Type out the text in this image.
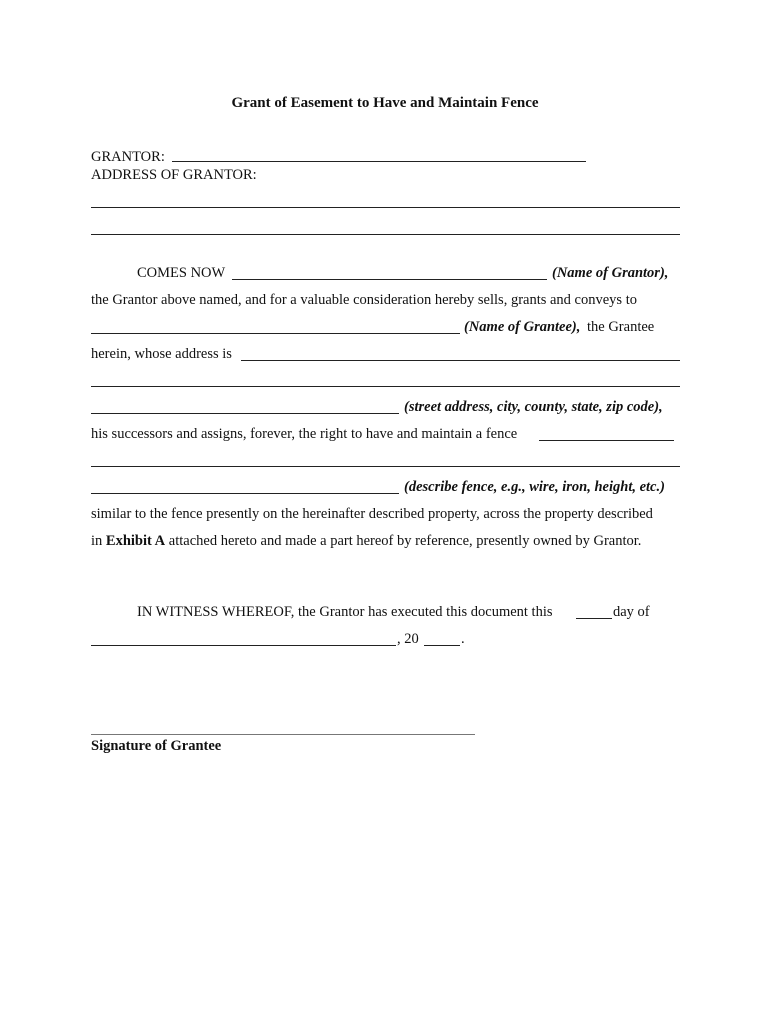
Grant of Easement to Have and Maintain Fence
GRANTOR:
ADDRESS OF GRANTOR:
COMES NOW	(Name of Grantor),
the Grantor above named, and for a valuable consideration hereby sells, grants and conveys to
(Name of Grantee), the Grantee
herein, whose address is
(street address, city, county, state, zip code),
his successors and assigns, forever, the right to have and maintain a fence
(describe fence, e.g., wire, iron, height, etc.)
similar to the fence presently on the hereinafter described property, across the property described
in Exhibit A attached hereto and made a part hereof by reference, presently owned by Grantor.
IN WITNESS WHEREOF, the Grantor has executed this document this	day of
, 20	.
Signature of Grantee
